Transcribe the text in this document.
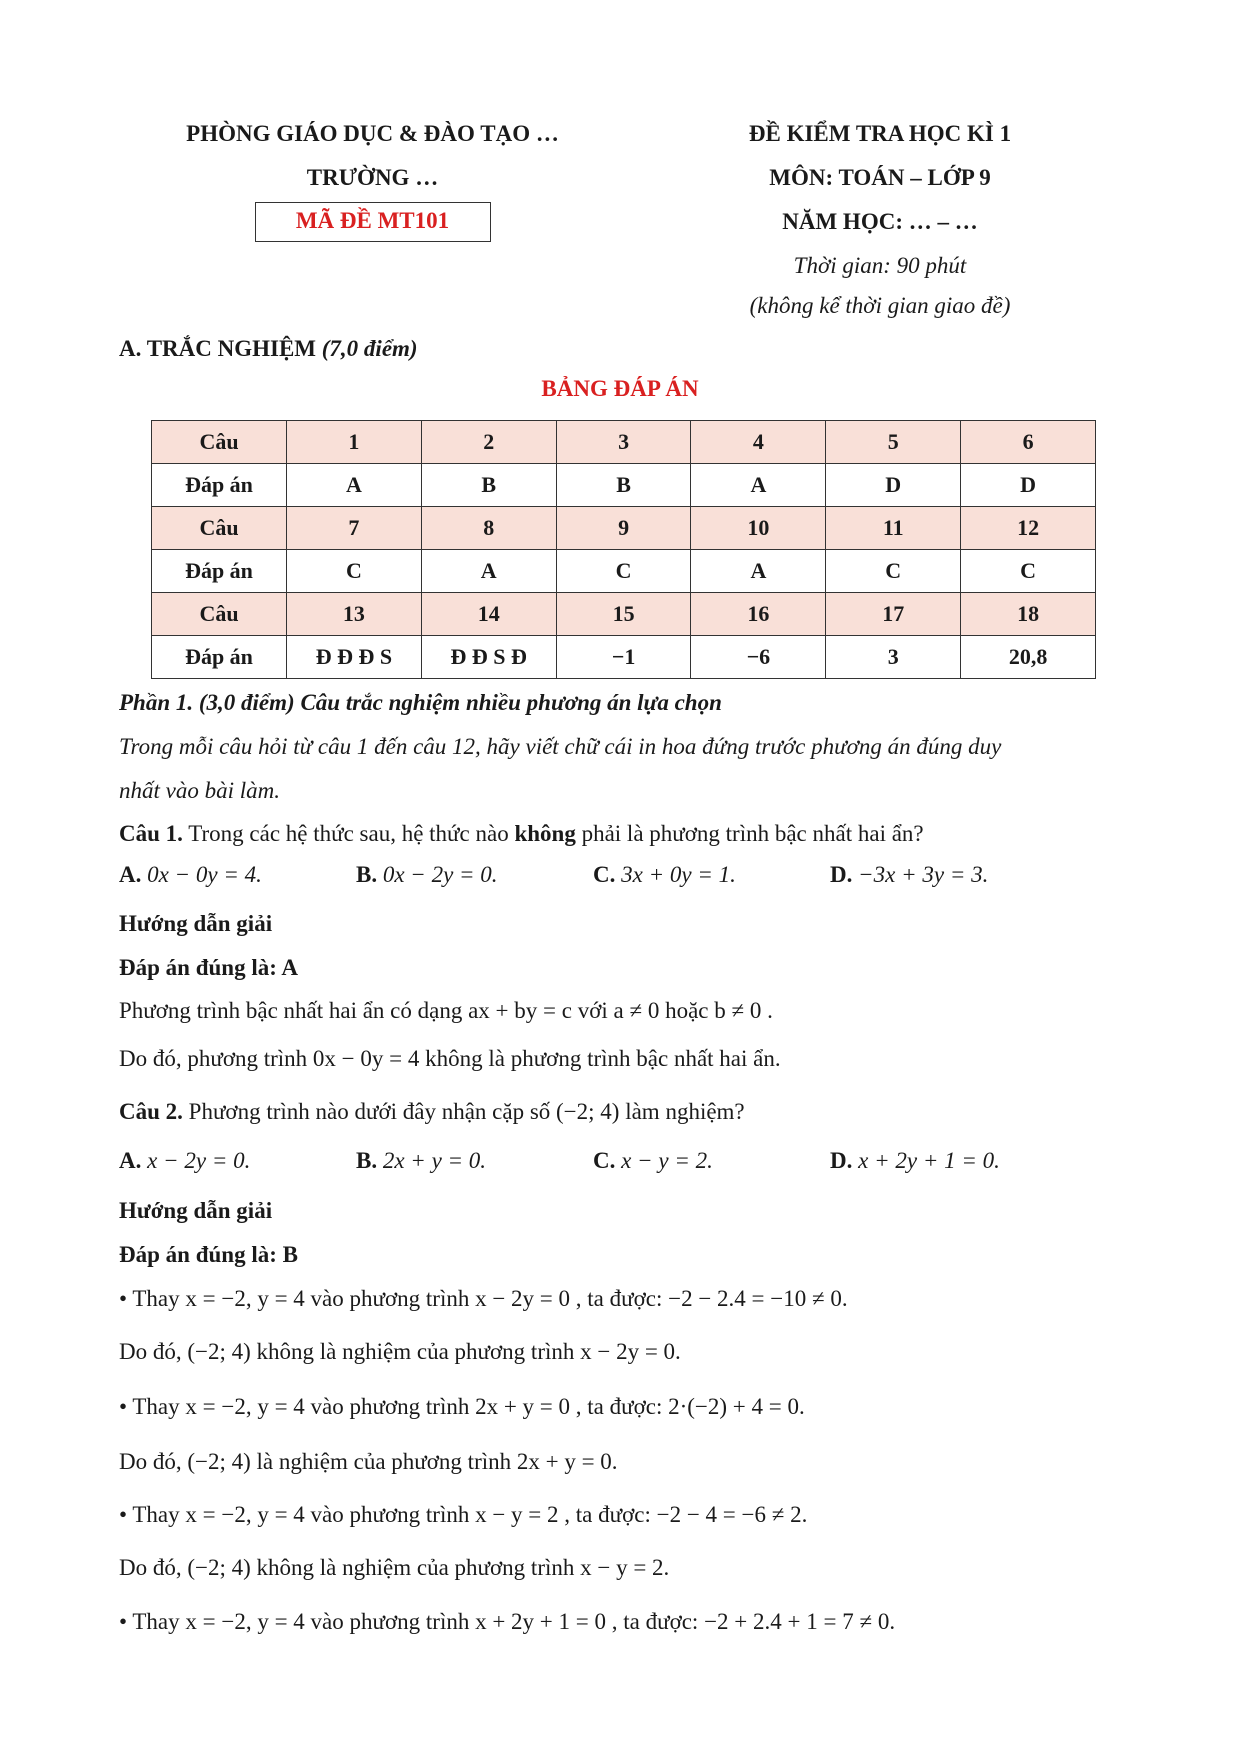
PHÒNG GIÁO DỤC & ĐÀO TẠO …
TRƯỜNG …
MÃ ĐỀ MT101
ĐỀ KIỂM TRA HỌC KÌ 1
MÔN: TOÁN – LỚP 9
NĂM HỌC: … – …
Thời gian: 90 phút
(không kể thời gian giao đề)
A. TRẮC NGHIỆM (7,0 điểm)
BẢNG ĐÁP ÁN
Câu	1	2	3	4	5	6
Đáp án	A	B	B	A	D	D
Câu	7	8	9	10	11	12
Đáp án	C	A	C	A	C	C
Câu	13	14	15	16	17	18
Đáp án	Đ Đ Đ S	Đ Đ S Đ	−1	−6	3	20,8
Phần 1. (3,0 điểm) Câu trắc nghiệm nhiều phương án lựa chọn
Trong mỗi câu hỏi từ câu 1 đến câu 12, hãy viết chữ cái in hoa đứng trước phương án đúng duy
nhất vào bài làm.
Câu 1. Trong các hệ thức sau, hệ thức nào không phải là phương trình bậc nhất hai ẩn?
A. 0x − 0y = 4.	B. 0x − 2y = 0.	C. 3x + 0y = 1.	D. −3x + 3y = 3.
Hướng dẫn giải
Đáp án đúng là: A
Phương trình bậc nhất hai ẩn có dạng ax + by = c với a ≠ 0 hoặc b ≠ 0 .
Do đó, phương trình 0x − 0y = 4 không là phương trình bậc nhất hai ẩn.
Câu 2. Phương trình nào dưới đây nhận cặp số (−2; 4) làm nghiệm?
A. x − 2y = 0.	B. 2x + y = 0.	C. x − y = 2.	D. x + 2y + 1 = 0.
Hướng dẫn giải
Đáp án đúng là: B
• Thay x = −2, y = 4 vào phương trình x − 2y = 0 , ta được: −2 − 2.4 = −10 ≠ 0.
Do đó, (−2; 4) không là nghiệm của phương trình x − 2y = 0.
• Thay x = −2, y = 4 vào phương trình 2x + y = 0 , ta được: 2·(−2) + 4 = 0.
Do đó, (−2; 4) là nghiệm của phương trình 2x + y = 0.
• Thay x = −2, y = 4 vào phương trình x − y = 2 , ta được: −2 − 4 = −6 ≠ 2.
Do đó, (−2; 4) không là nghiệm của phương trình x − y = 2.
• Thay x = −2, y = 4 vào phương trình x + 2y + 1 = 0 , ta được: −2 + 2.4 + 1 = 7 ≠ 0.
